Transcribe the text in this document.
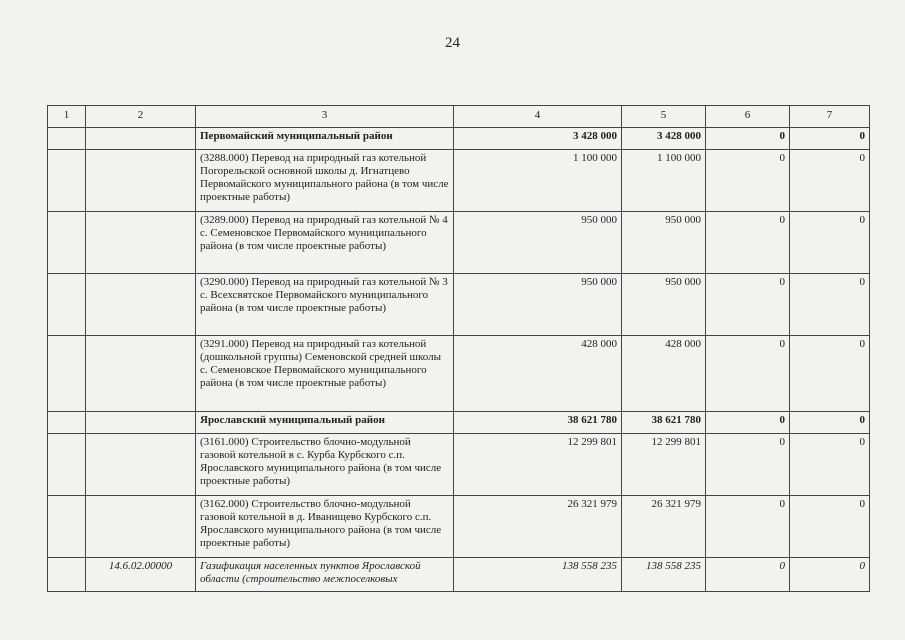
24
1	2	3	4	5	6	7
		Первомайский муниципальный район	3 428 000	3 428 000	0	0
		(3288.000) Перевод на природный газ котельной Погорельской основной школы д. Игнатцево Первомайского муниципального района (в том числе проектные работы)	1 100 000	1 100 000	0	0
		(3289.000) Перевод на природный газ котельной № 4 с. Семеновское Первомайского муниципального района (в том числе проектные работы)	950 000	950 000	0	0
		(3290.000) Перевод на природный газ котельной № 3 с. Всехсвятское Первомайского муниципального района (в том числе проектные работы)	950 000	950 000	0	0
		(3291.000) Перевод на природный газ котельной (дошкольной группы) Семеновской средней школы с. Семеновское Первомайского муниципального района (в том числе проектные работы)	428 000	428 000	0	0
		Ярославский муниципальный район	38 621 780	38 621 780	0	0
		(3161.000) Строительство блочно-модульной газовой котельной в с. Курба Курбского с.п. Ярославского муниципального района (в том числе проектные работы)	12 299 801	12 299 801	0	0
		(3162.000) Строительство блочно-модульной газовой котельной в д. Иванищево Курбского с.п. Ярославского муниципального района (в том числе проектные работы)	26 321 979	26 321 979	0	0
	14.6.02.00000	Газификация населенных пунктов Ярославской области (строительство межпоселковых	138 558 235	138 558 235	0	0
